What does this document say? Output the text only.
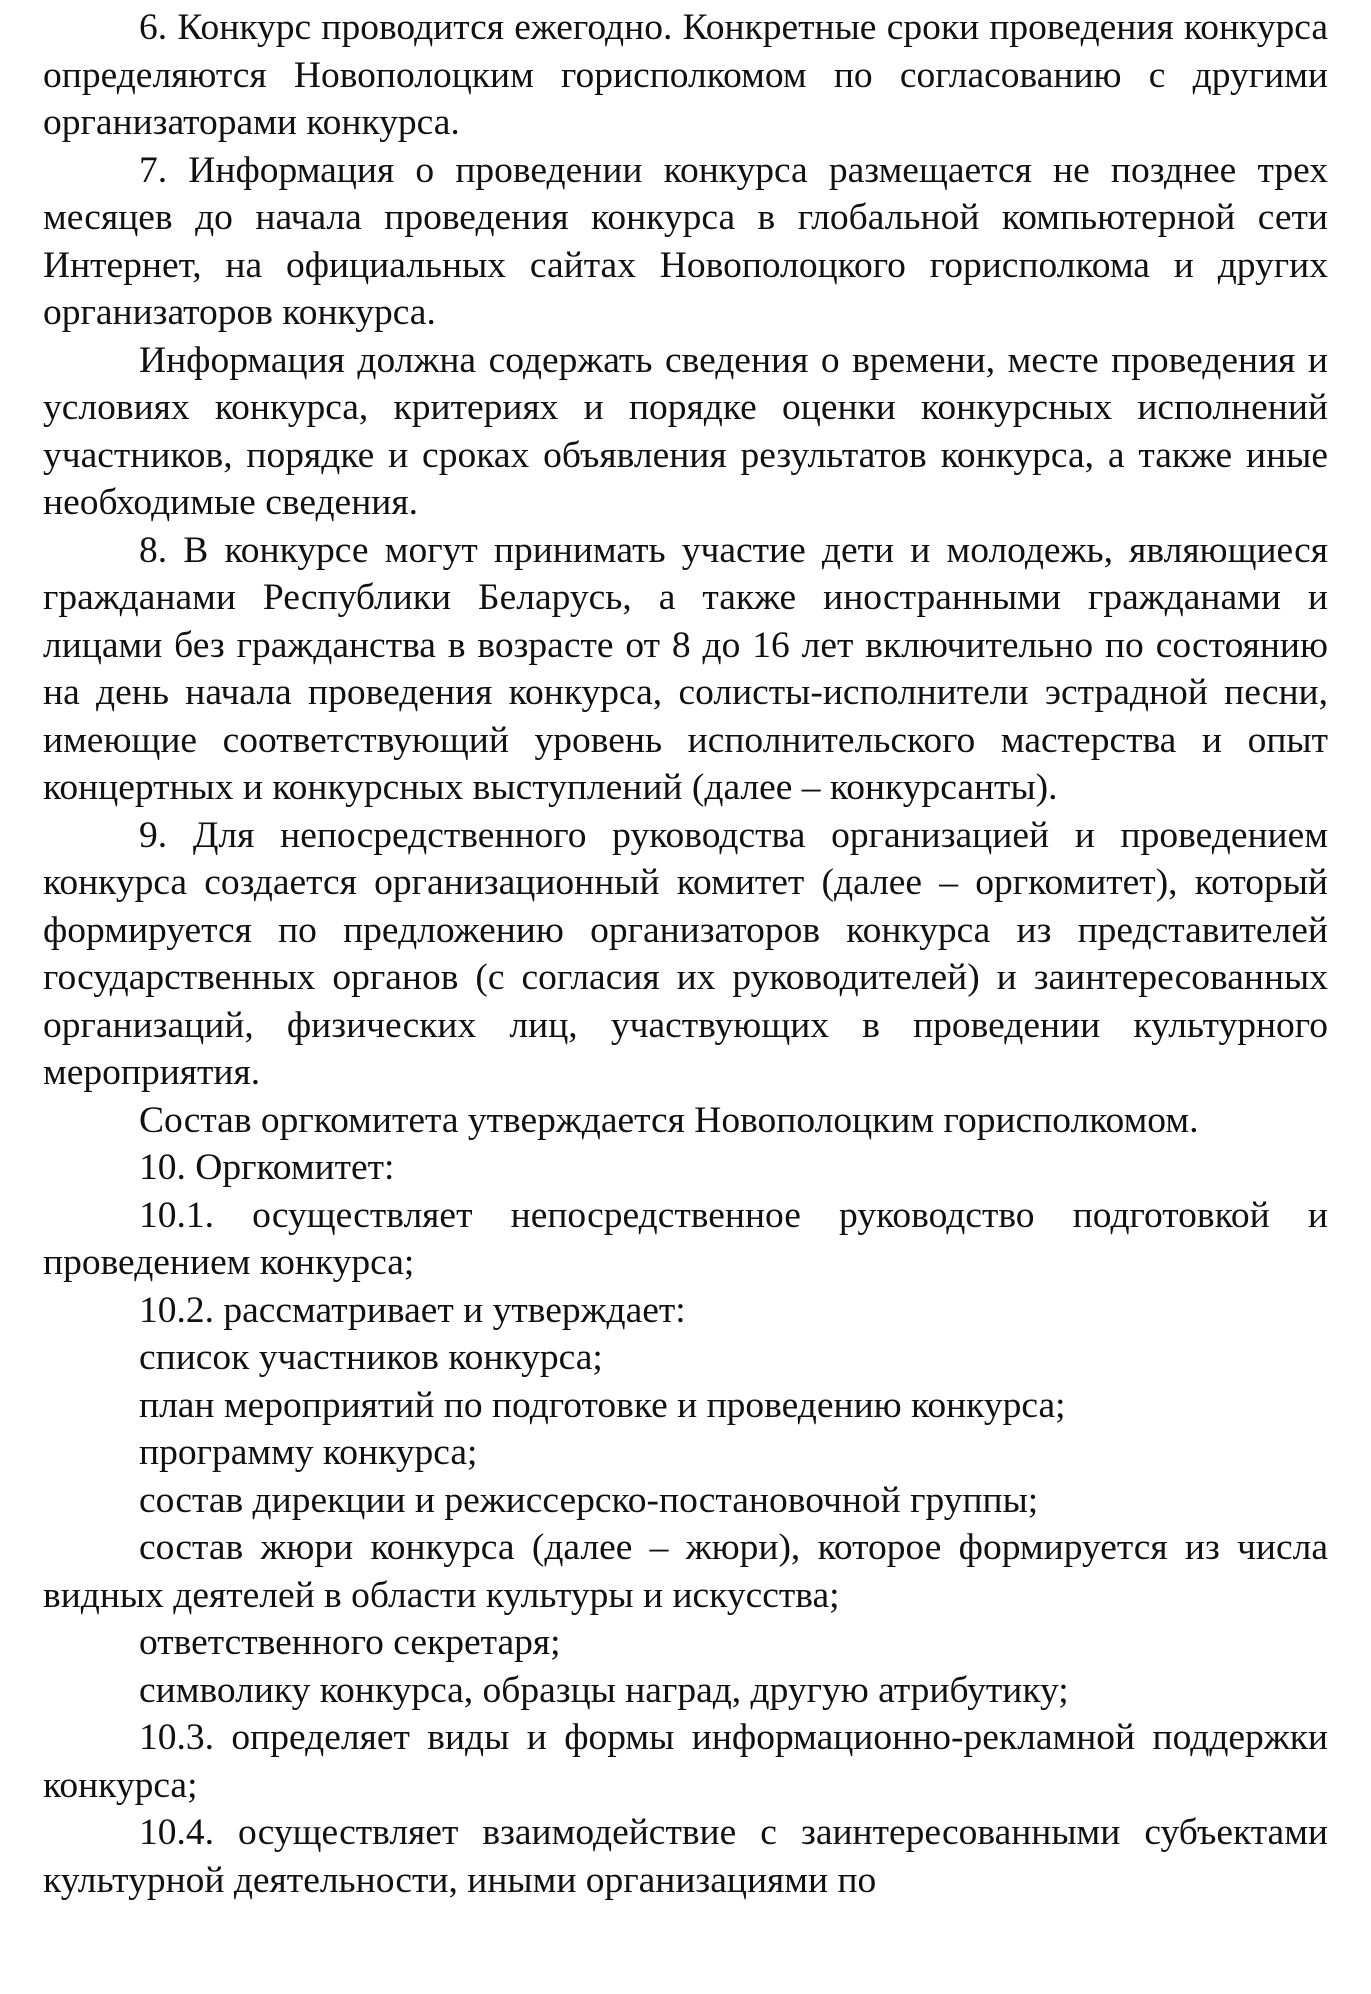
6. Конкурс проводится ежегодно. Конкретные сроки проведения конкурса определяются Новополоцким горисполкомом по согласованию с другими организаторами конкурса.

7. Информация о проведении конкурса размещается не позднее трех месяцев до начала проведения конкурса в глобальной компьютерной сети Интернет, на официальных сайтах Новополоцкого горисполкома и других организаторов конкурса.

Информация должна содержать сведения о времени, месте проведения и условиях конкурса, критериях и порядке оценки конкурсных исполнений участников, порядке и сроках объявления результатов конкурса, а также иные необходимые сведения.

8. В конкурсе могут принимать участие дети и молодежь, являющиеся гражданами Республики Беларусь, а также иностранными гражданами и лицами без гражданства в возрасте от 8 до 16 лет включительно по состоянию на день начала проведения конкурса, солисты-исполнители эстрадной песни, имеющие соответствующий уровень исполнительского мастерства и опыт концертных и конкурсных выступлений (далее – конкурсанты).

9. Для непосредственного руководства организацией и проведением конкурса создается организационный комитет (далее – оргкомитет), который формируется по предложению организаторов конкурса из представителей государственных органов (с согласия их руководителей) и заинтересованных организаций, физических лиц, участвующих в проведении культурного мероприятия.

Состав оргкомитета утверждается Новополоцким горисполкомом.

10. Оргкомитет:

10.1. осуществляет непосредственное руководство подготовкой и проведением конкурса;

10.2. рассматривает и утверждает:

список участников конкурса;

план мероприятий по подготовке и проведению конкурса;

программу конкурса;

состав дирекции и режиссерско-постановочной группы;

состав жюри конкурса (далее – жюри), которое формируется из числа видных деятелей в области культуры и искусства;

ответственного секретаря;

символику конкурса, образцы наград, другую атрибутику;

10.3. определяет виды и формы информационно-рекламной поддержки конкурса;

10.4. осуществляет взаимодействие с заинтересованными субъектами культурной деятельности, иными организациями по
